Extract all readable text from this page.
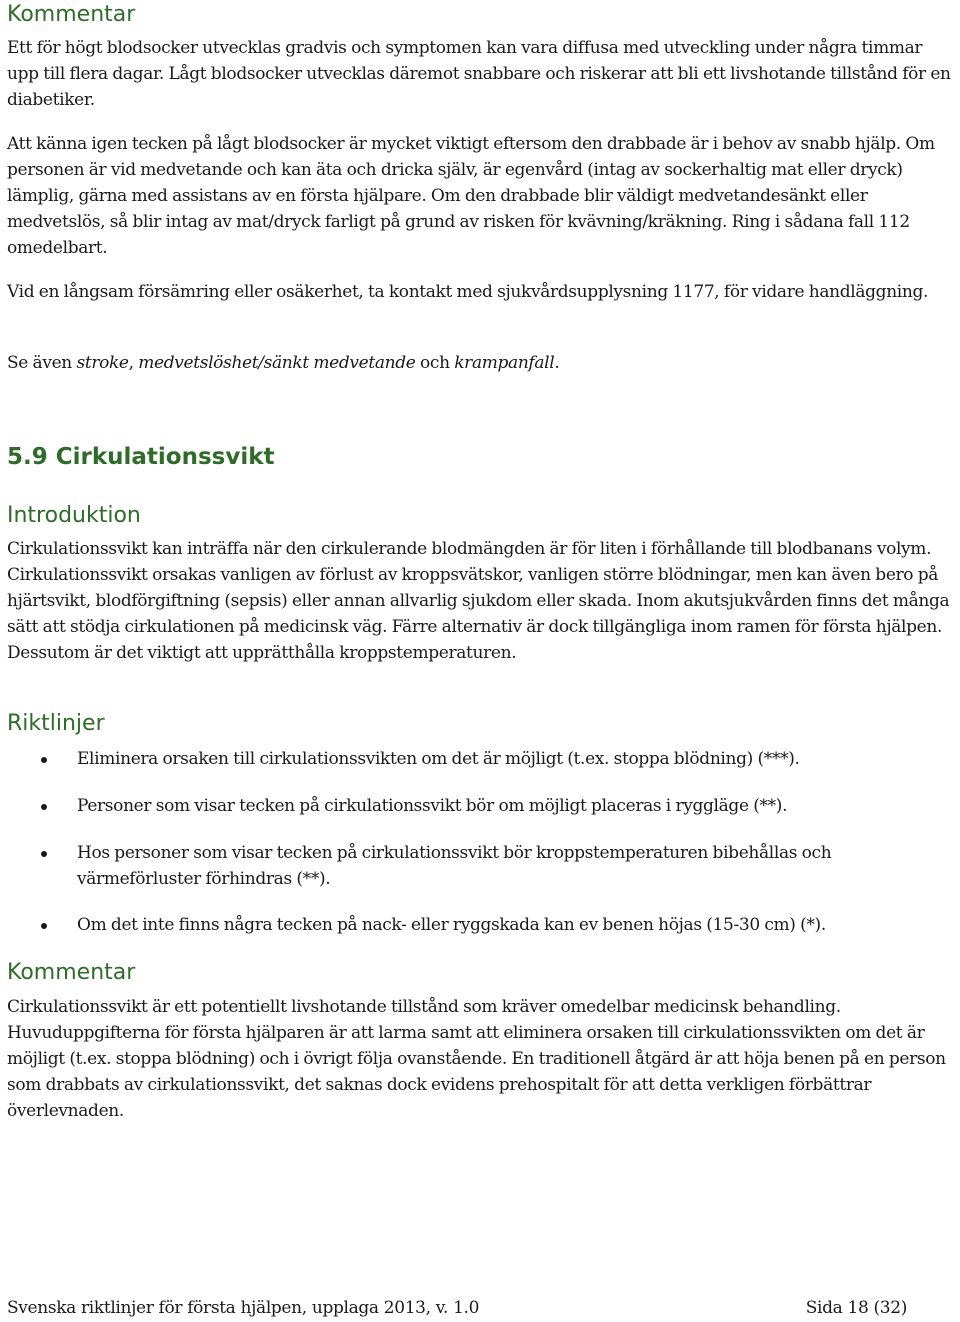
Kommentar

Ett för högt blodsocker utvecklas gradvis och symptomen kan vara diffusa med utveckling under några timmar upp till flera dagar. Lågt blodsocker utvecklas däremot snabbare och riskerar att bli ett livshotande tillstånd för en diabetiker.

Att känna igen tecken på lågt blodsocker är mycket viktigt eftersom den drabbade är i behov av snabb hjälp. Om personen är vid medvetande och kan äta och dricka själv, är egenvård (intag av sockerhaltig mat eller dryck) lämplig, gärna med assistans av en första hjälpare. Om den drabbade blir väldigt medvetandesänkt eller medvetslös, så blir intag av mat/dryck farligt på grund av risken för kvävning/kräkning. Ring i sådana fall 112 omedelbart.

Vid en långsam försämring eller osäkerhet, ta kontakt med sjukvårdsupplysning 1177, för vidare handläggning.

Se även stroke, medvetslöshet/sänkt medvetande och krampanfall.

5.9 Cirkulationssvikt
Introduktion

Cirkulationssvikt kan inträffa när den cirkulerande blodmängden är för liten i förhållande till blodbanans volym. Cirkulationssvikt orsakas vanligen av förlust av kroppsvätskor, vanligen större blödningar, men kan även bero på hjärtsvikt, blodförgiftning (sepsis) eller annan allvarlig sjukdom eller skada. Inom akutsjukvården finns det många sätt att stödja cirkulationen på medicinsk väg. Färre alternativ är dock tillgängliga inom ramen för första hjälpen. Dessutom är det viktigt att upprätthålla kroppstemperaturen.

Riktlinjer
Eliminera orsaken till cirkulationssvikten om det är möjligt (t.ex. stoppa blödning) (***).
Personer som visar tecken på cirkulationssvikt bör om möjligt placeras i ryggläge (**).
Hos personer som visar tecken på cirkulationssvikt bör kroppstemperaturen bibehållas och värmeförluster förhindras (**).
Om det inte finns några tecken på nack- eller ryggskada kan ev benen höjas (15-30 cm) (*).
Kommentar

Cirkulationssvikt är ett potentiellt livshotande tillstånd som kräver omedelbar medicinsk behandling. Huvuduppgifterna för första hjälparen är att larma samt att eliminera orsaken till cirkulationssvikten om det är möjligt (t.ex. stoppa blödning) och i övrigt följa ovanstående. En traditionell åtgärd är att höja benen på en person som drabbats av cirkulationssvikt, det saknas dock evidens prehospitalt för att detta verkligen förbättrar överlevnaden.

Svenska riktlinjer för första hjälpen, upplaga 2013, v. 1.0	Sida 18 (32)
